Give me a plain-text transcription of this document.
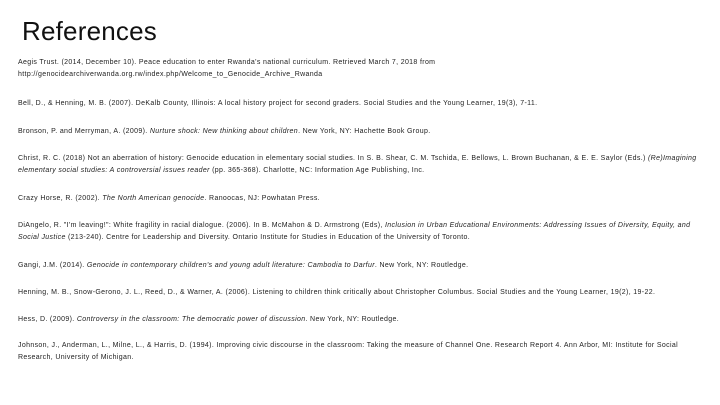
References
Aegis Trust. (2014, December 10). Peace education to enter Rwanda's national curriculum. Retrieved March 7, 2018 from http://genocidearchiverwanda.org.rw/index.php/Welcome_to_Genocide_Archive_Rwanda
Bell, D., & Henning, M. B. (2007). DeKalb County, Illinois: A local history project for second graders. Social Studies and the Young Learner, 19(3), 7-11.
Bronson, P. and Merryman, A. (2009). Nurture shock: New thinking about children. New York, NY: Hachette Book Group.
Christ, R. C. (2018) Not an aberration of history: Genocide education in elementary social studies. In S. B. Shear, C. M. Tschida, E. Bellows, L. Brown Buchanan, & E. E. Saylor (Eds.) (Re)Imagining elementary social studies: A controversial issues reader (pp. 365-368). Charlotte, NC: Information Age Publishing, Inc.
Crazy Horse, R. (2002). The North American genocide. Ranoocas, NJ: Powhatan Press.
DiAngelo, R. "I'm leaving!": White fragility in racial dialogue. (2006). In B. McMahon & D. Armstrong (Eds), Inclusion in Urban Educational Environments: Addressing Issues of Diversity, Equity, and Social Justice (213-240). Centre for Leadership and Diversity. Ontario Institute for Studies in Education of the University of Toronto.
Gangi, J.M. (2014). Genocide in contemporary children's and young adult literature: Cambodia to Darfur. New York, NY: Routledge.
Henning, M. B., Snow-Gerono, J. L., Reed, D., & Warner, A. (2006). Listening to children think critically about Christopher Columbus. Social Studies and the Young Learner, 19(2), 19-22.
Hess, D. (2009). Controversy in the classroom: The democratic power of discussion. New York, NY: Routledge.
Johnson, J., Anderman, L., Milne, L., & Harris, D. (1994). Improving civic discourse in the classroom: Taking the measure of Channel One. Research Report 4. Ann Arbor, MI: Institute for Social Research, University of Michigan.
